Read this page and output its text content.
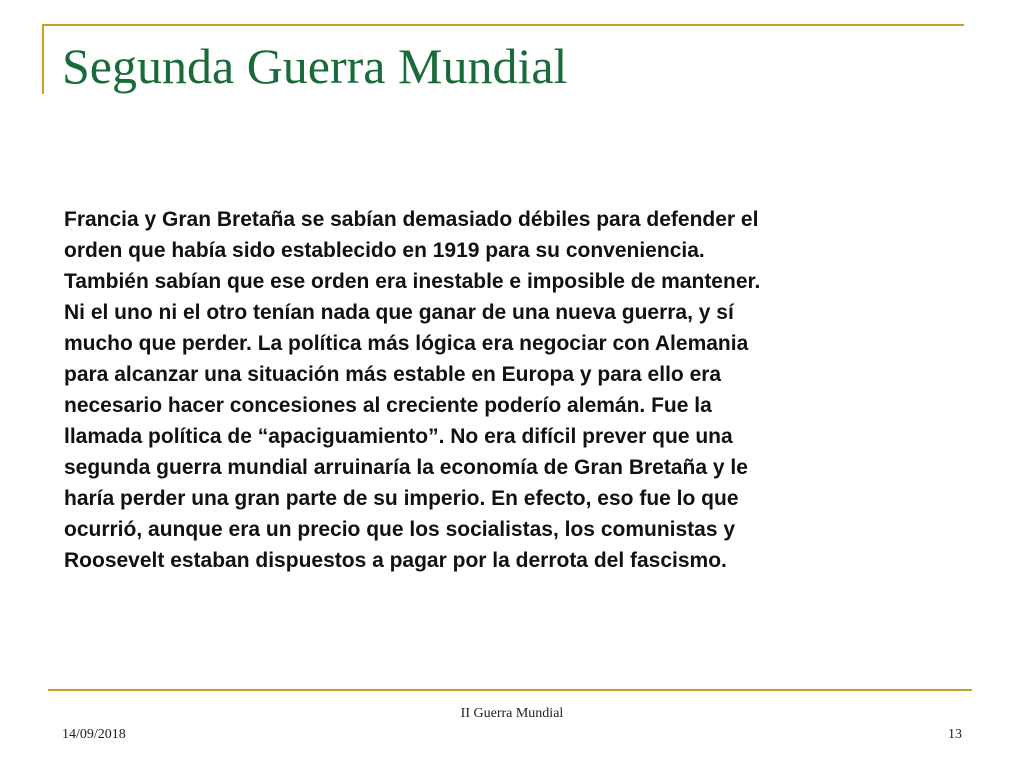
Segunda Guerra Mundial
Francia y Gran Bretaña se sabían demasiado débiles para defender el
orden que había sido establecido en 1919 para su conveniencia.
También sabían que ese orden era inestable e imposible de mantener.
Ni el uno ni el otro tenían nada que ganar de una nueva guerra, y sí
mucho que perder. La política más lógica era negociar con Alemania
para alcanzar una situación más estable en Europa y para ello era
necesario hacer concesiones al creciente poderío alemán. Fue la
llamada política de “apaciguamiento”. No era difícil prever que una
segunda guerra mundial arruinaría la economía de Gran Bretaña y le
haría perder una gran parte de su imperio. En efecto, eso fue lo que
ocurrió, aunque era un precio que los socialistas, los comunistas y
Roosevelt estaban dispuestos a pagar por la derrota del fascismo.
II Guerra Mundial
14/09/2018	13
